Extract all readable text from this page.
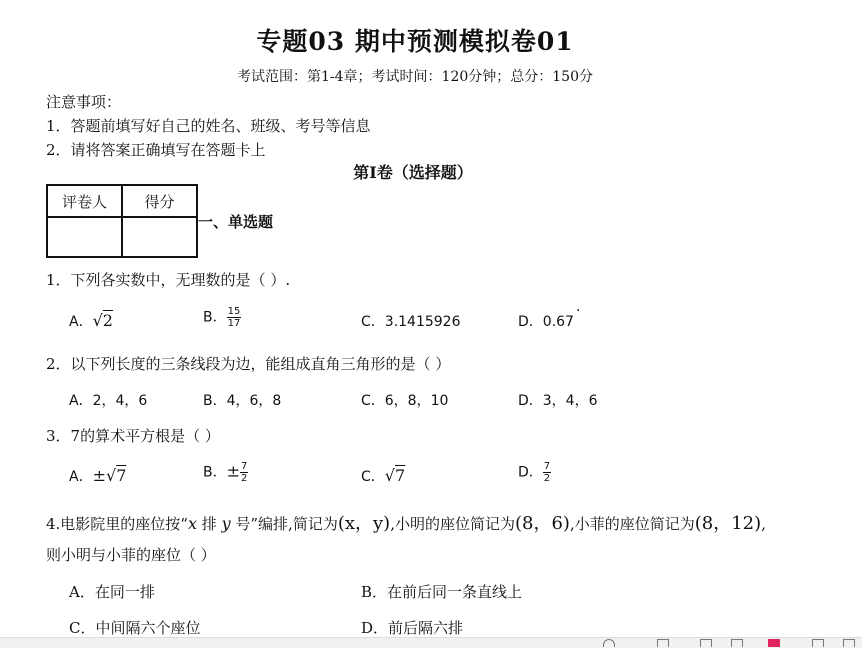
专题03 期中预测模拟卷01
考试范围：第1-4章；考试时间：120分钟；总分：150分
注意事项：
1．答题前填写好自己的姓名、班级、考号等信息
2．请将答案正确填写在答题卡上
第I卷（选择题）
评卷人	得分

一、单选题
1．下列各实数中，无理数的是（ ）.
A．√2	B． $\frac{15}{17}$	C．3.1415926	D．0.67
·
2．以下列长度的三条线段为边，能组成直角三角形的是（ ）
A．2，4，6	B．4，6，8	C．6，8，10	D．3，4，6
3．7的算术平方根是（ ）
A．±√7	B．± $\frac{7}{2}$	C．√7	D． $\frac{7}{2}$
4.电影院里的座位按“x 排 y 号”编排,简记为(x，y),小明的座位简记为(8，6),小菲的座位简记为(8，12),
则小明与小菲的座位（ ）
A．在同一排	B．在前后同一条直线上
C．中间隔六个座位	D．前后隔六排
